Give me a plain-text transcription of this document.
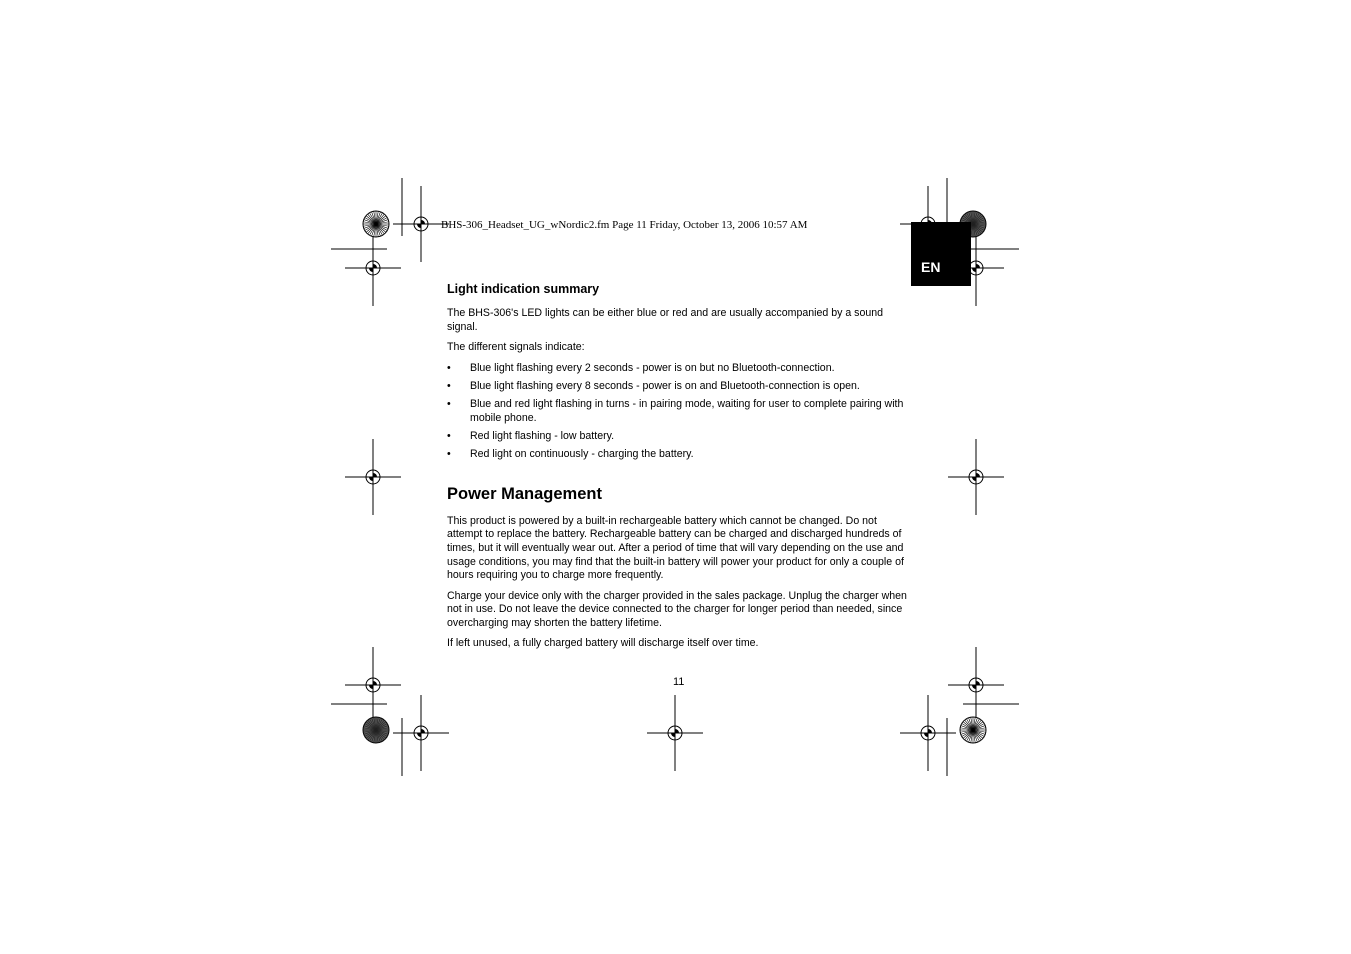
BHS-306_Headset_UG_wNordic2.fm Page 11 Friday, October 13, 2006 10:57 AM
EN
Light indication summary

The BHS-306's LED lights can be either blue or red and are usually accompanied by a sound signal.

The different signals indicate:

• Blue light flashing every 2 seconds - power is on but no Bluetooth-connection.
• Blue light flashing every 8 seconds - power is on and Bluetooth-connection is open.
• Blue and red light flashing in turns - in pairing mode, waiting for user to complete pairing with mobile phone.
• Red light flashing - low battery.
• Red light on continuously - charging the battery.
Power Management

This product is powered by a built-in rechargeable battery which cannot be changed. Do not attempt to replace the battery. Rechargeable battery can be charged and discharged hundreds of times, but it will eventually wear out. After a period of time that will vary depending on the use and usage conditions, you may find that the built-in battery will power your product for only a couple of hours requiring you to charge more frequently.

Charge your device only with the charger provided in the sales package. Unplug the charger when not in use. Do not leave the device connected to the charger for longer period than needed, since overcharging may shorten the battery lifetime.

If left unused, a fully charged battery will discharge itself over time.

11
